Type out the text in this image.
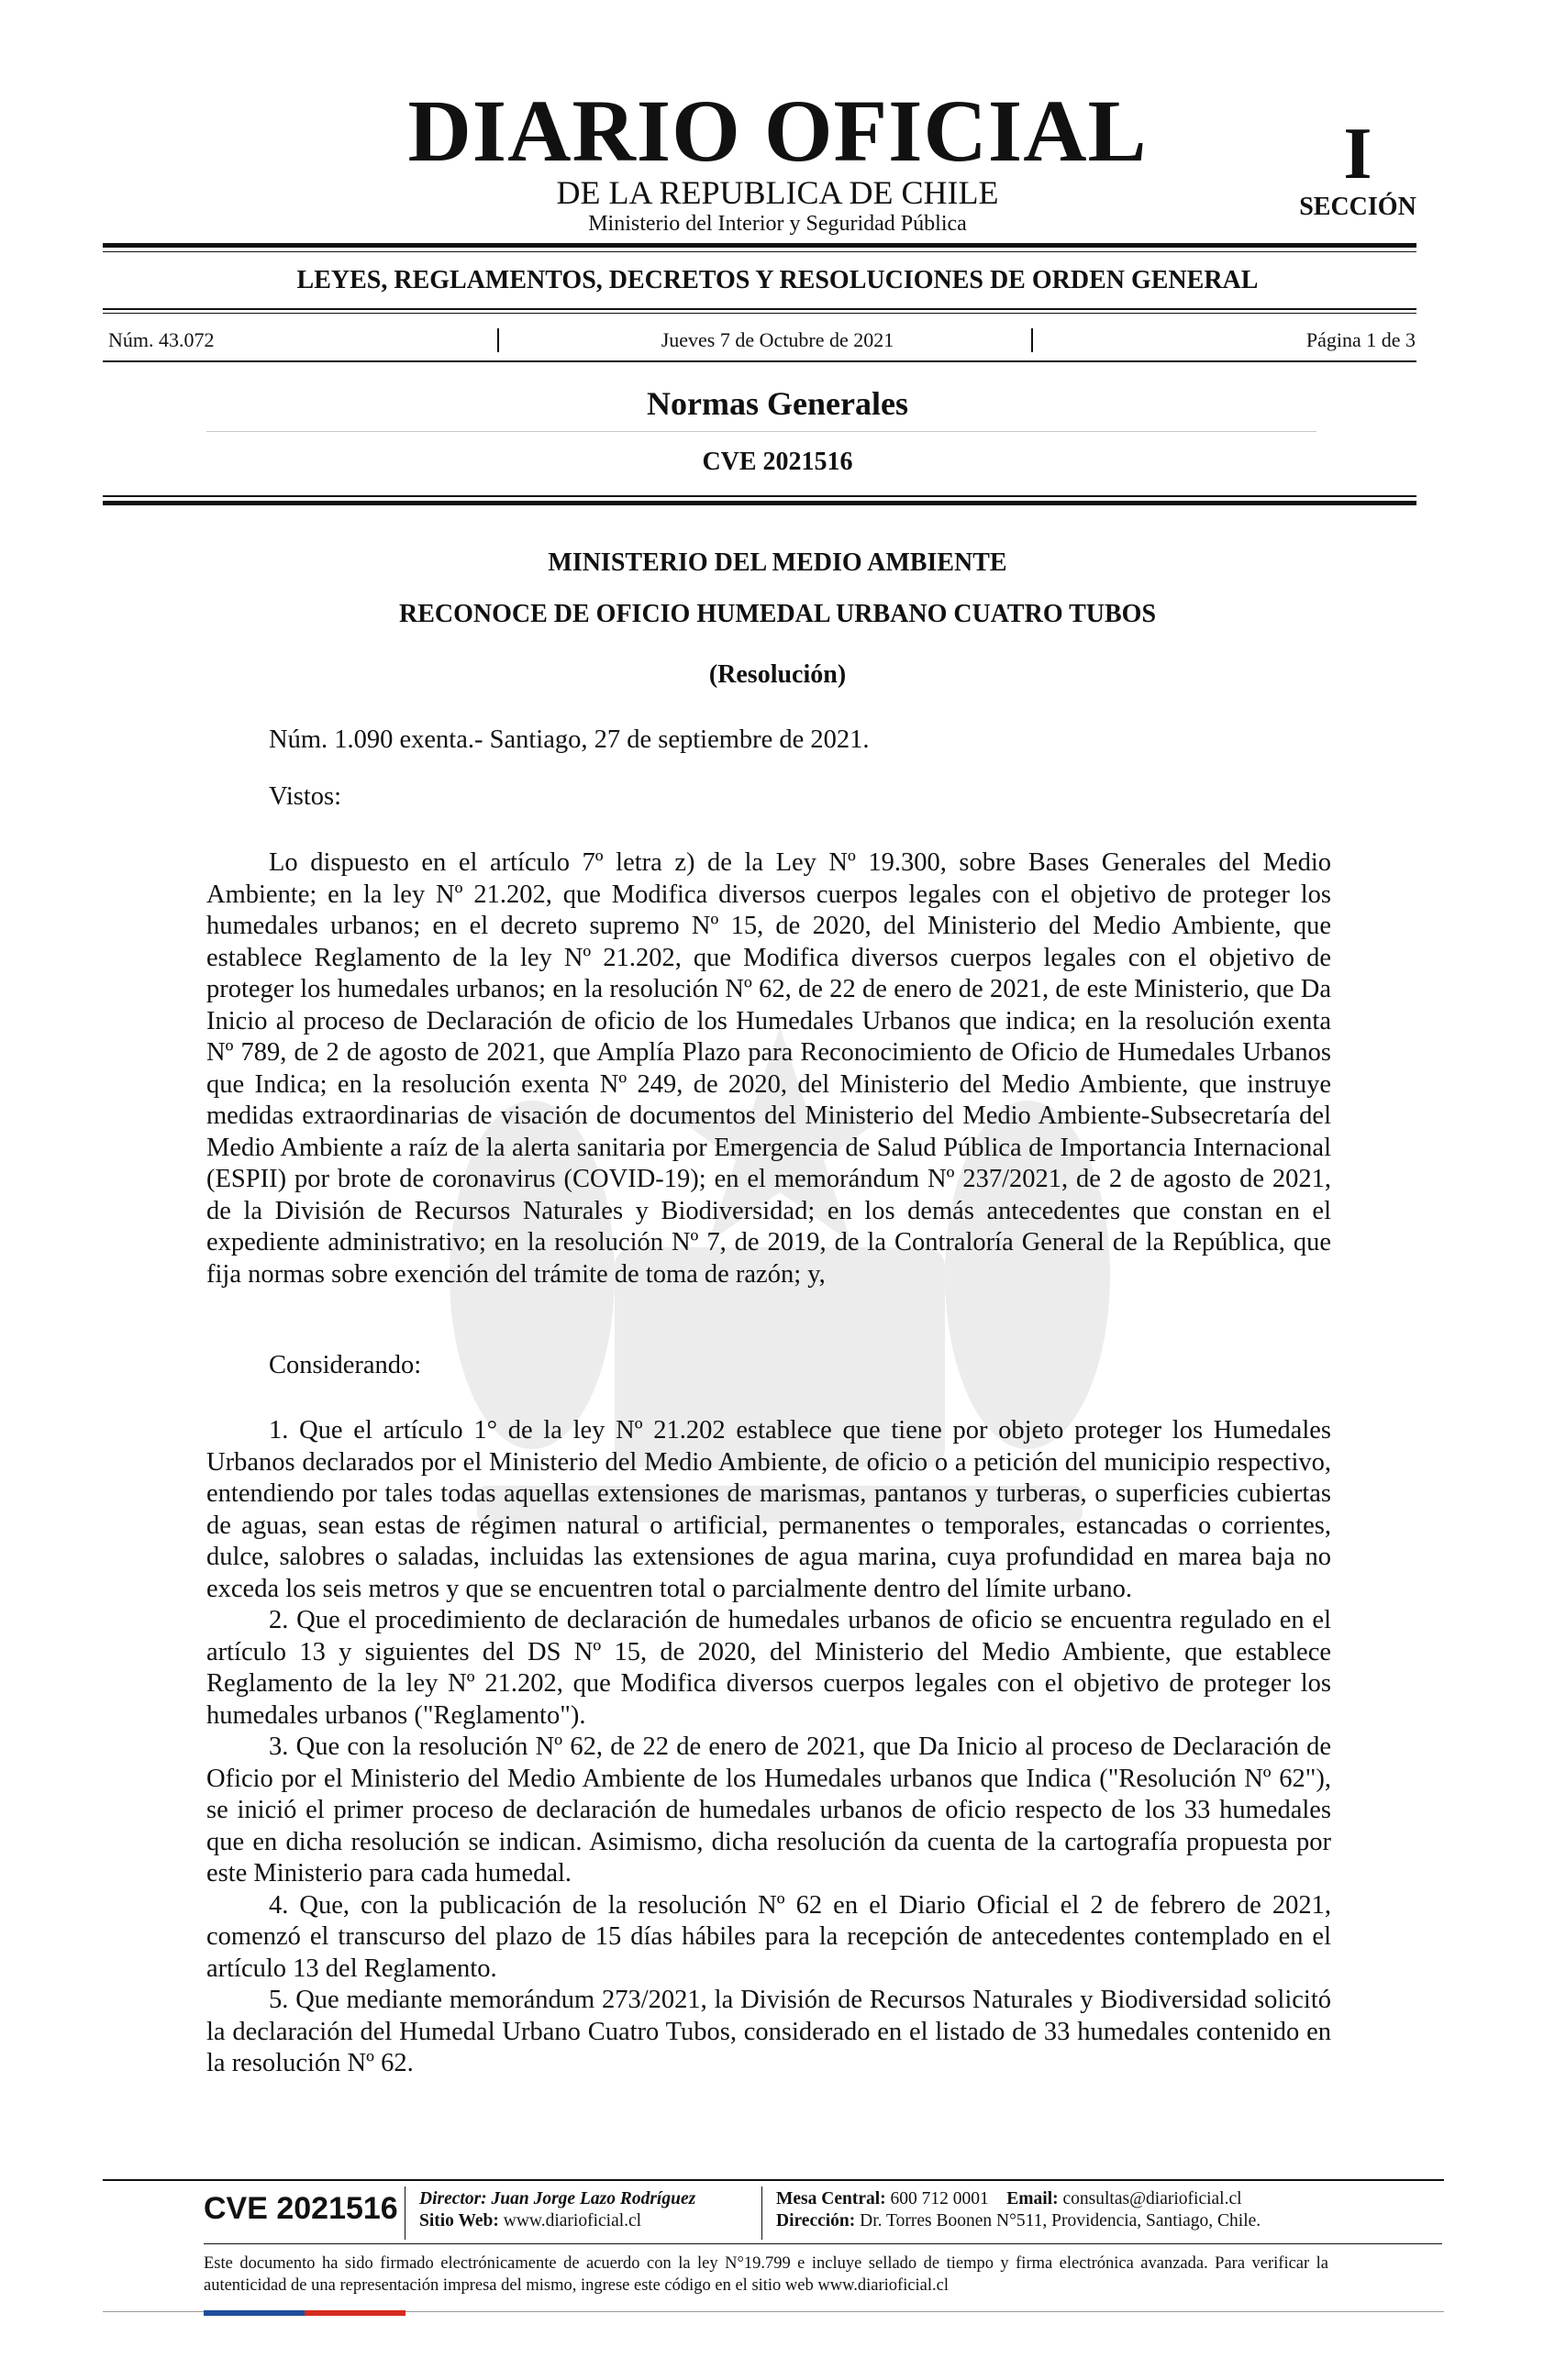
DIARIO OFICIAL
DE LA REPUBLICA DE CHILE
Ministerio del Interior y Seguridad Pública
I
SECCIÓN
LEYES, REGLAMENTOS, DECRETOS Y RESOLUCIONES DE ORDEN GENERAL
Núm. 43.072	Jueves 7 de Octubre de 2021	Página 1 de 3
Normas Generales
CVE 2021516
MINISTERIO DEL MEDIO AMBIENTE
RECONOCE DE OFICIO HUMEDAL URBANO CUATRO TUBOS
(Resolución)

Núm. 1.090 exenta.- Santiago, 27 de septiembre de 2021.

Vistos:

Lo dispuesto en el artículo 7º letra z) de la Ley Nº 19.300, sobre Bases Generales del Medio Ambiente; en la ley Nº 21.202, que Modifica diversos cuerpos legales con el objetivo de proteger los humedales urbanos; en el decreto supremo Nº 15, de 2020, del Ministerio del Medio Ambiente, que establece Reglamento de la ley Nº 21.202, que Modifica diversos cuerpos legales con el objetivo de proteger los humedales urbanos; en la resolución Nº 62, de 22 de enero de 2021, de este Ministerio, que Da Inicio al proceso de Declaración de oficio de los Humedales Urbanos que indica; en la resolución exenta Nº 789, de 2 de agosto de 2021, que Amplía Plazo para Reconocimiento de Oficio de Humedales Urbanos que Indica; en la resolución exenta Nº 249, de 2020, del Ministerio del Medio Ambiente, que instruye medidas extraordinarias de visación de documentos del Ministerio del Medio Ambiente-Subsecretaría del Medio Ambiente a raíz de la alerta sanitaria por Emergencia de Salud Pública de Importancia Internacional (ESPII) por brote de coronavirus (COVID-19); en el memorándum Nº 237/2021, de 2 de agosto de 2021, de la División de Recursos Naturales y Biodiversidad; en los demás antecedentes que constan en el expediente administrativo; en la resolución Nº 7, de 2019, de la Contraloría General de la República, que fija normas sobre exención del trámite de toma de razón; y,

Considerando:

1. Que el artículo 1° de la ley Nº 21.202 establece que tiene por objeto proteger los Humedales Urbanos declarados por el Ministerio del Medio Ambiente, de oficio o a petición del municipio respectivo, entendiendo por tales todas aquellas extensiones de marismas, pantanos y turberas, o superficies cubiertas de aguas, sean estas de régimen natural o artificial, permanentes o temporales, estancadas o corrientes, dulce, salobres o saladas, incluidas las extensiones de agua marina, cuya profundidad en marea baja no exceda los seis metros y que se encuentren total o parcialmente dentro del límite urbano.

2. Que el procedimiento de declaración de humedales urbanos de oficio se encuentra regulado en el artículo 13 y siguientes del DS Nº 15, de 2020, del Ministerio del Medio Ambiente, que establece Reglamento de la ley Nº 21.202, que Modifica diversos cuerpos legales con el objetivo de proteger los humedales urbanos ("Reglamento").

3. Que con la resolución Nº 62, de 22 de enero de 2021, que Da Inicio al proceso de Declaración de Oficio por el Ministerio del Medio Ambiente de los Humedales urbanos que Indica ("Resolución Nº 62"), se inició el primer proceso de declaración de humedales urbanos de oficio respecto de los 33 humedales que en dicha resolución se indican. Asimismo, dicha resolución da cuenta de la cartografía propuesta por este Ministerio para cada humedal.

4. Que, con la publicación de la resolución Nº 62 en el Diario Oficial el 2 de febrero de 2021, comenzó el transcurso del plazo de 15 días hábiles para la recepción de antecedentes contemplado en el artículo 13 del Reglamento.

5. Que mediante memorándum 273/2021, la División de Recursos Naturales y Biodiversidad solicitó la declaración del Humedal Urbano Cuatro Tubos, considerado en el listado de 33 humedales contenido en la resolución Nº 62.

CVE 2021516 Director: Juan Jorge Lazo Rodríguez
Sitio Web: www.diarioficial.cl
Mesa Central: 600 712 0001 Email: consultas@diarioficial.cl
Dirección: Dr. Torres Boonen N°511, Providencia, Santiago, Chile.
Este documento ha sido firmado electrónicamente de acuerdo con la ley N°19.799 e incluye sellado de tiempo y firma electrónica avanzada. Para verificar la autenticidad de una representación impresa del mismo, ingrese este código en el sitio web www.diarioficial.cl
